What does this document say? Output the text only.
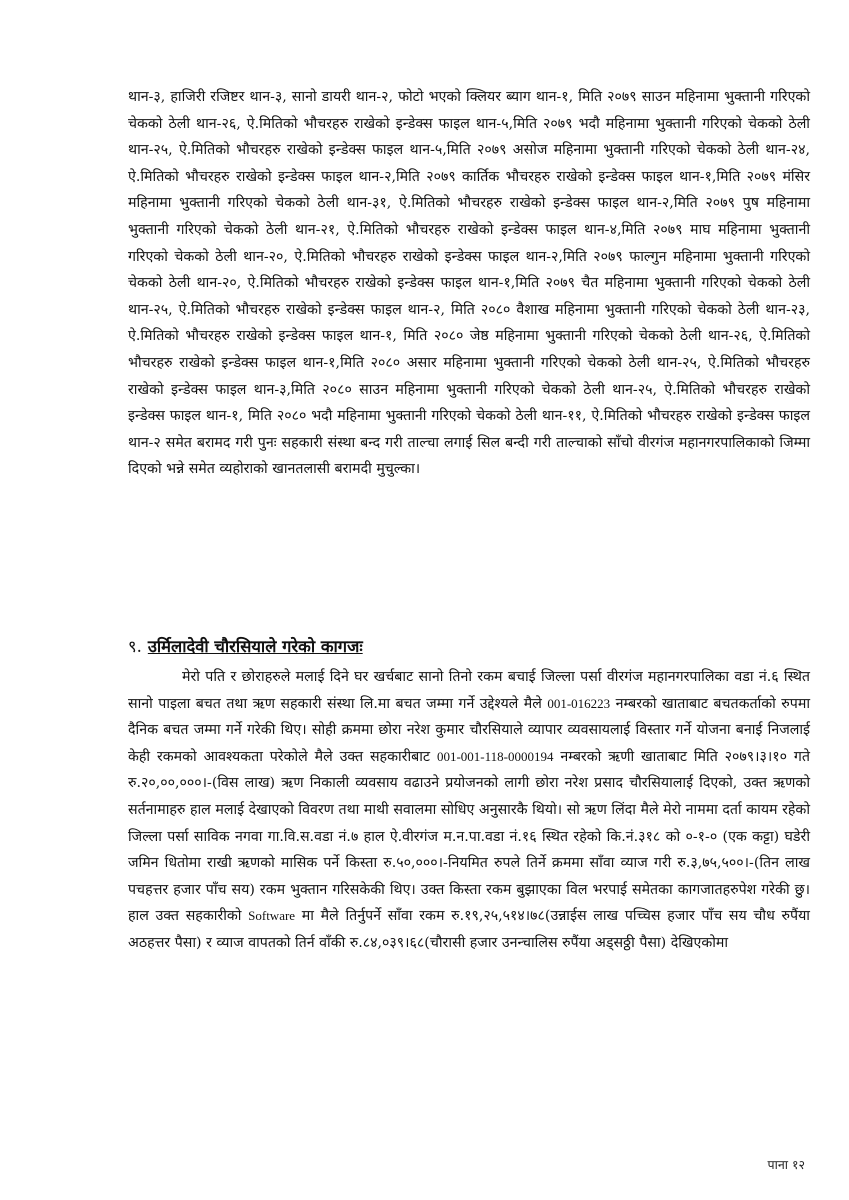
थान-३, हाजिरी रजिष्टर थान-३, सानो डायरी थान-२, फोटो भएको क्लियर ब्याग थान-१, मिति २०७९ साउन महिनामा भुक्तानी गरिएको चेकको ठेली थान-२६, ऐ.मितिको भौचरहरु राखेको इन्डेक्स फाइल थान-५,मिति २०७९ भदौ महिनामा भुक्तानी गरिएको चेकको ठेली थान-२५, ऐ.मितिको भौचरहरु राखेको इन्डेक्स फाइल थान-५,मिति २०७९ असोज महिनामा भुक्तानी गरिएको चेकको ठेली थान-२४, ऐ.मितिको भौचरहरु राखेको इन्डेक्स फाइल थान-२,मिति २०७९ कार्तिक भौचरहरु राखेको इन्डेक्स फाइल थान-१,मिति २०७९ मंसिर महिनामा भुक्तानी गरिएको चेकको ठेली थान-३१, ऐ.मितिको भौचरहरु राखेको इन्डेक्स फाइल थान-२,मिति २०७९ पुष महिनामा भुक्तानी गरिएको चेकको ठेली थान-२१, ऐ.मितिको भौचरहरु राखेको इन्डेक्स फाइल थान-४,मिति २०७९ माघ महिनामा भुक्तानी गरिएको चेकको ठेली थान-२०, ऐ.मितिको भौचरहरु राखेको इन्डेक्स फाइल थान-२,मिति २०७९ फाल्गुन महिनामा भुक्तानी गरिएको चेकको ठेली थान-२०, ऐ.मितिको भौचरहरु राखेको इन्डेक्स फाइल थान-१,मिति २०७९ चैत महिनामा भुक्तानी गरिएको चेकको ठेली थान-२५, ऐ.मितिको भौचरहरु राखेको इन्डेक्स फाइल थान-२, मिति २०८० वैशाख महिनामा भुक्तानी गरिएको चेकको ठेली थान-२३, ऐ.मितिको भौचरहरु राखेको इन्डेक्स फाइल थान-१, मिति २०८० जेष्ठ महिनामा भुक्तानी गरिएको चेकको ठेली थान-२६, ऐ.मितिको भौचरहरु राखेको इन्डेक्स फाइल थान-१,मिति २०८० असार महिनामा भुक्तानी गरिएको चेकको ठेली थान-२५, ऐ.मितिको भौचरहरु राखेको इन्डेक्स फाइल थान-३,मिति २०८० साउन महिनामा भुक्तानी गरिएको चेकको ठेली थान-२५, ऐ.मितिको भौचरहरु राखेको इन्डेक्स फाइल थान-१, मिति २०८० भदौ महिनामा भुक्तानी गरिएको चेकको ठेली थान-११, ऐ.मितिको भौचरहरु राखेको इन्डेक्स फाइल थान-२ समेत बरामद गरी पुनः सहकारी संस्था बन्द गरी ताल्चा लगाई सिल बन्दी गरी ताल्चाको साँचो वीरगंज महानगरपालिकाको जिम्मा दिएको भन्ने समेत व्यहोराको खानतलासी बरामदी मुचुल्का।

९. उर्मिलादेवी चौरसियाले गरेको कागजः

मेरो पति र छोराहरुले मलाई दिने घर खर्चबाट सानो तिनो रकम बचाई जिल्ला पर्सा वीरगंज महानगरपालिका वडा नं.६ स्थित सानो पाइला बचत तथा ऋण सहकारी संस्था लि.मा बचत जम्मा गर्ने उद्देश्यले मैले 001-016223 नम्बरको खाताबाट बचतकर्ताको रुपमा दैनिक बचत जम्मा गर्ने गरेकी थिए। सोही क्रममा छोरा नरेश कुमार चौरसियाले व्यापार व्यवसायलाई विस्तार गर्ने योजना बनाई निजलाई केही रकमको आवश्यकता परेकोले मैले उक्त सहकारीबाट 001-001-118-0000194 नम्बरको ऋणी खाताबाट मिति २०७९।३।१० गते रु.२०,००,०००।-(विस लाख) ऋण निकाली व्यवसाय वढाउने प्रयोजनको लागी छोरा नरेश प्रसाद चौरसियालाई दिएको, उक्त ऋणको सर्तनामाहरु हाल मलाई देखाएको विवरण तथा माथी सवालमा सोधिए अनुसारकै थियो। सो ऋण लिंदा मैले मेरो नाममा दर्ता कायम रहेको जिल्ला पर्सा साविक नगवा गा.वि.स.वडा नं.७ हाल ऐ.वीरगंज म.न.पा.वडा नं.१६ स्थित रहेको कि.नं.३१८ को ०-१-० (एक कट्टा) घडेरी जमिन धितोमा राखी ऋणको मासिक पर्ने किस्ता रु.५०,०००।-नियमित रुपले तिर्ने क्रममा साँवा व्याज गरी रु.३,७५,५००।-(तिन लाख पचहत्तर हजार पाँच सय) रकम भुक्तान गरिसकेकी थिए। उक्त किस्ता रकम बुझाएका विल भरपाई समेतका कागजातहरुपेश गरेकी छु। हाल उक्त सहकारीको Software मा मैले तिर्नुपर्ने साँवा रकम रु.१९,२५,५१४।७८(उन्नाईस लाख पच्चिस हजार पाँच सय चौध रुपैंया अठहत्तर पैसा) र व्याज वापतको तिर्न वाँकी रु.८४,०३९।६८(चौरासी हजार उनन्चालिस रुपैंया अड्सठ्ठी पैसा) देखिएकोमा

पाना १२
